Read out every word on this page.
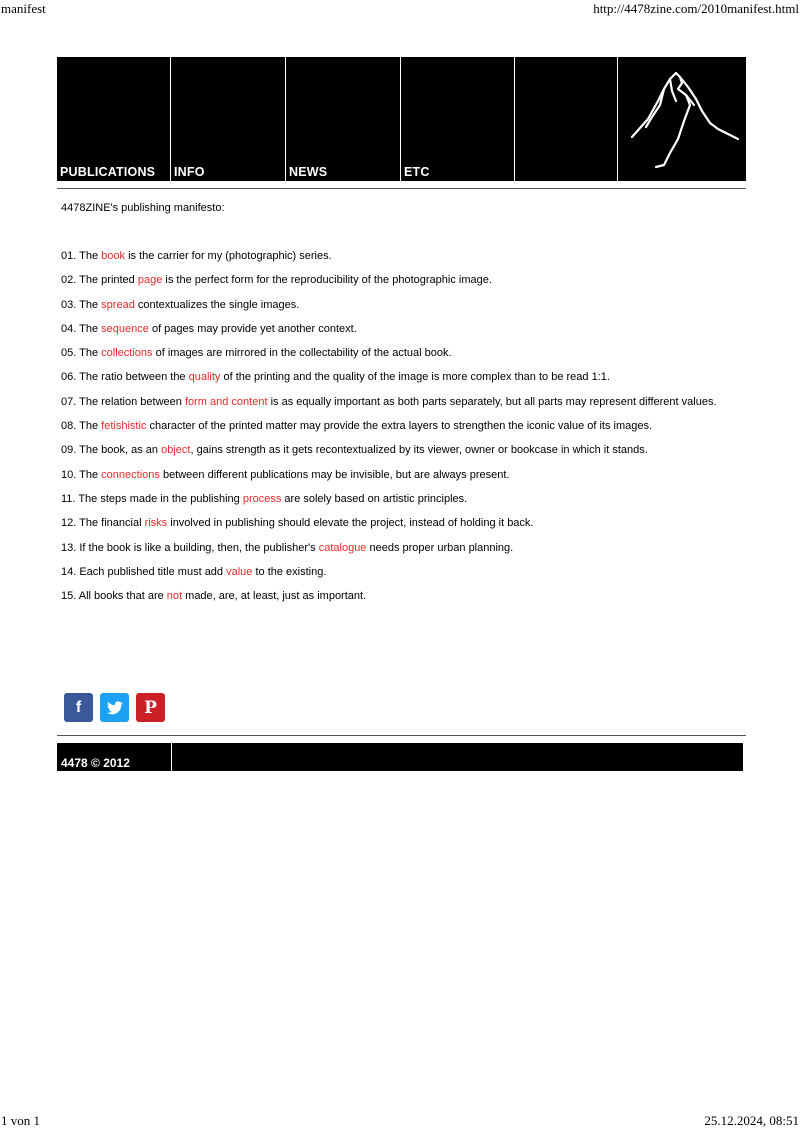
manifest	http://4478zine.com/2010manifest.html
PUBLICATIONS INFO	NEWS	ETC
4478ZINE's publishing manifesto:
01. The book is the carrier for my (photographic) series.
02. The printed page is the perfect form for the reproducibility of the photographic image.
03. The spread contextualizes the single images.
04. The sequence of pages may provide yet another context.
05. The collections of images are mirrored in the collectability of the actual book.
06. The ratio between the quality of the printing and the quality of the image is more complex than to be read 1:1.
07. The relation between form and content is as equally important as both parts separately, but all parts may represent different values.
08. The fetishistic character of the printed matter may provide the extra layers to strengthen the iconic value of its images.
09. The book, as an object, gains strength as it gets recontextualized by its viewer, owner or bookcase in which it stands.
10. The connections between different publications may be invisible, but are always present.
11. The steps made in the publishing process are solely based on artistic principles.
12. The financial risks involved in publishing should elevate the project, instead of holding it back.
13. If the book is like a building, then, the publisher's catalogue needs proper urban planning.
14. Each published title must add value to the existing.
15. All books that are not made, are, at least, just as important.
f	P
4478 © 2012
1 von 1	25.12.2024, 08:51
